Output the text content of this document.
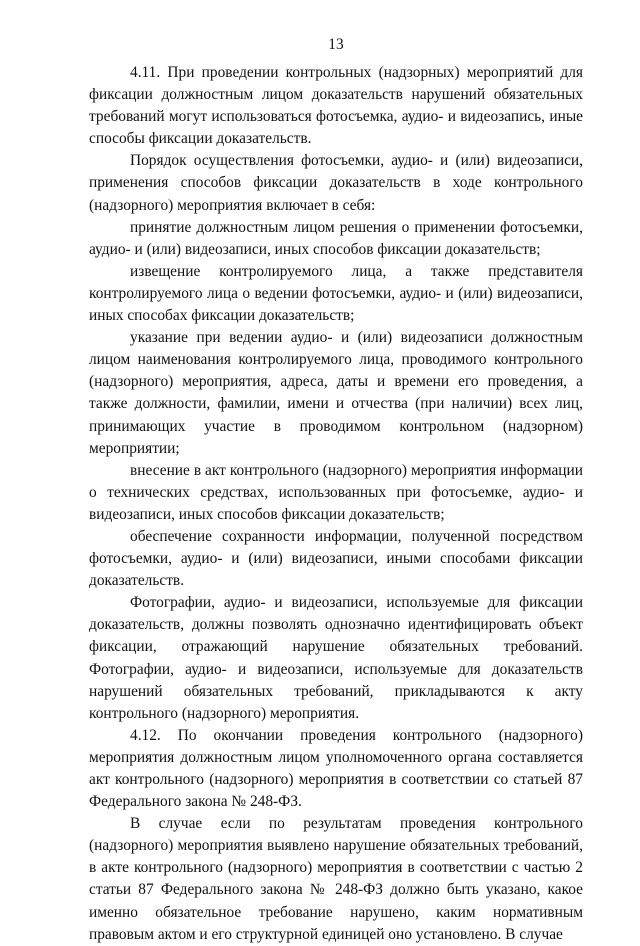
13

4.11. При проведении контрольных (надзорных) мероприятий для фиксации должностным лицом доказательств нарушений обязательных требований могут использоваться фотосъемка, аудио- и видеозапись, иные способы фиксации доказательств.

Порядок осуществления фотосъемки, аудио- и (или) видеозаписи, применения способов фиксации доказательств в ходе контрольного (надзорного) мероприятия включает в себя:

принятие должностным лицом решения о применении фотосъемки, аудио- и (или) видеозаписи, иных способов фиксации доказательств;

извещение контролируемого лица, а также представителя контролируемого лица о ведении фотосъемки, аудио- и (или) видеозаписи, иных способах фиксации доказательств;

указание при ведении аудио- и (или) видеозаписи должностным лицом наименования контролируемого лица, проводимого контрольного (надзорного) мероприятия, адреса, даты и времени его проведения, а также должности, фамилии, имени и отчества (при наличии) всех лиц, принимающих участие в проводимом контрольном (надзорном) мероприятии;

внесение в акт контрольного (надзорного) мероприятия информации о технических средствах, использованных при фотосъемке, аудио- и видеозаписи, иных способов фиксации доказательств;

обеспечение сохранности информации, полученной посредством фотосъемки, аудио- и (или) видеозаписи, иными способами фиксации доказательств.

Фотографии, аудио- и видеозаписи, используемые для фиксации доказательств, должны позволять однозначно идентифицировать объект фиксации, отражающий нарушение обязательных требований. Фотографии, аудио- и видеозаписи, используемые для доказательств нарушений обязательных требований, прикладываются к акту контрольного (надзорного) мероприятия.

4.12. По окончании проведения контрольного (надзорного) мероприятия должностным лицом уполномоченного органа составляется акт контрольного (надзорного) мероприятия в соответствии со статьей 87 Федерального закона № 248-ФЗ.

В случае если по результатам проведения контрольного (надзорного) мероприятия выявлено нарушение обязательных требований, в акте контрольного (надзорного) мероприятия в соответствии с частью 2 статьи 87 Федерального закона № 248-ФЗ должно быть указано, какое именно обязательное требование нарушено, каким нормативным правовым актом и его структурной единицей оно установлено. В случае
